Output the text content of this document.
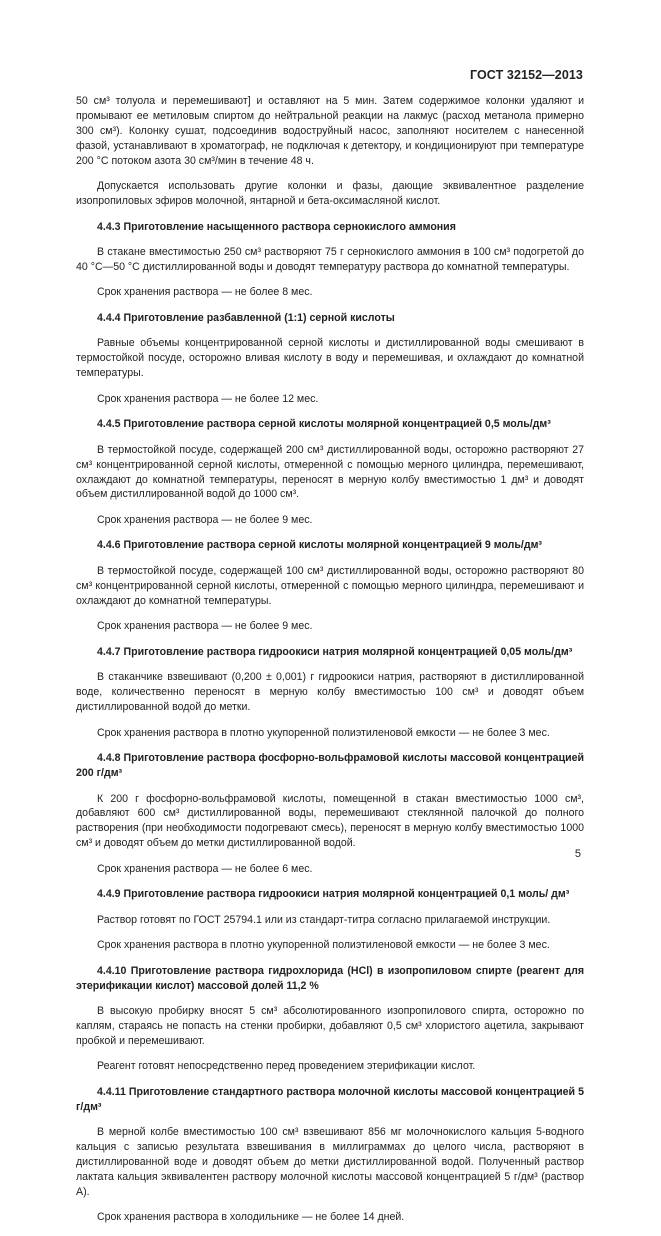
ГОСТ 32152—2013

50 см³ толуола и перемешивают] и оставляют на 5 мин. Затем содержимое колонки удаляют и промывают ее метиловым спиртом до нейтральной реакции на лакмус (расход метанола примерно 300 см³). Колонку сушат, подсоединив водоструйный насос, заполняют носителем с нанесенной фазой, устанавливают в хроматограф, не подключая к детектору, и кондиционируют при температуре 200 °С потоком азота 30 см³/мин в течение 48 ч.

Допускается использовать другие колонки и фазы, дающие эквивалентное разделение изопропиловых эфиров молочной, янтарной и бета-оксимасляной кислот.

4.4.3 Приготовление насыщенного раствора сернокислого аммония

В стакане вместимостью 250 см³ растворяют 75 г сернокислого аммония в 100 см³ подогретой до 40 °С—50 °С дистиллированной воды и доводят температуру раствора до комнатной температуры.

Срок хранения раствора — не более 8 мес.

4.4.4 Приготовление разбавленной (1:1) серной кислоты

Равные объемы концентрированной серной кислоты и дистиллированной воды смешивают в термостойкой посуде, осторожно вливая кислоту в воду и перемешивая, и охлаждают до комнатной температуры.

Срок хранения раствора — не более 12 мес.

4.4.5 Приготовление раствора серной кислоты молярной концентрацией 0,5 моль/дм³

В термостойкой посуде, содержащей 200 см³ дистиллированной воды, осторожно растворяют 27 см³ концентрированной серной кислоты, отмеренной с помощью мерного цилиндра, перемешивают, охлаждают до комнатной температуры, переносят в мерную колбу вместимостью 1 дм³ и доводят объем дистиллированной водой до 1000 см³.

Срок хранения раствора — не более 9 мес.

4.4.6 Приготовление раствора серной кислоты молярной концентрацией 9 моль/дм³

В термостойкой посуде, содержащей 100 см³ дистиллированной воды, осторожно растворяют 80 см³ концентрированной серной кислоты, отмеренной с помощью мерного цилиндра, перемешивают и охлаждают до комнатной температуры.

Срок хранения раствора — не более 9 мес.

4.4.7 Приготовление раствора гидроокиси натрия молярной концентрацией 0,05 моль/дм³

В стаканчике взвешивают (0,200 ± 0,001) г гидроокиси натрия, растворяют в дистиллированной воде, количественно переносят в мерную колбу вместимостью 100 см³ и доводят объем дистиллированной водой до метки.

Срок хранения раствора в плотно укупоренной полиэтиленовой емкости — не более 3 мес.

4.4.8 Приготовление раствора фосфорно-вольфрамовой кислоты массовой концентрацией 200 г/дм³

К 200 г фосфорно-вольфрамовой кислоты, помещенной в стакан вместимостью 1000 см³, добавляют 600 см³ дистиллированной воды, перемешивают стеклянной палочкой до полного растворения (при необходимости подогревают смесь), переносят в мерную колбу вместимостью 1000 см³ и доводят объем до метки дистиллированной водой.

Срок хранения раствора — не более 6 мес.

4.4.9 Приготовление раствора гидроокиси натрия молярной концентрацией 0,1 моль/ дм³

Раствор готовят по ГОСТ 25794.1 или из стандарт-титра согласно прилагаемой инструкции.

Срок хранения раствора в плотно укупоренной полиэтиленовой емкости — не более 3 мес.

4.4.10 Приготовление раствора гидрохлорида (HCl) в изопропиловом спирте (реагент для этерификации кислот) массовой долей 11,2 %

В высокую пробирку вносят 5 см³ абсолютированного изопропилового спирта, осторожно по каплям, стараясь не попасть на стенки пробирки, добавляют 0,5 см³ хлористого ацетила, закрывают пробкой и перемешивают.

Реагент готовят непосредственно перед проведением этерификации кислот.

4.4.11 Приготовление стандартного раствора молочной кислоты массовой концентрацией 5 г/дм³

В мерной колбе вместимостью 100 см³ взвешивают 856 мг молочнокислого кальция 5-водного кальция с записью результата взвешивания в миллиграммах до целого числа, растворяют в дистиллированной воде и доводят объем до метки дистиллированной водой. Полученный раствор лактата кальция эквивалентен раствору молочной кислоты массовой концентрацией 5 г/дм³ (раствор А).

Срок хранения раствора в холодильнике — не более 14 дней.

5
